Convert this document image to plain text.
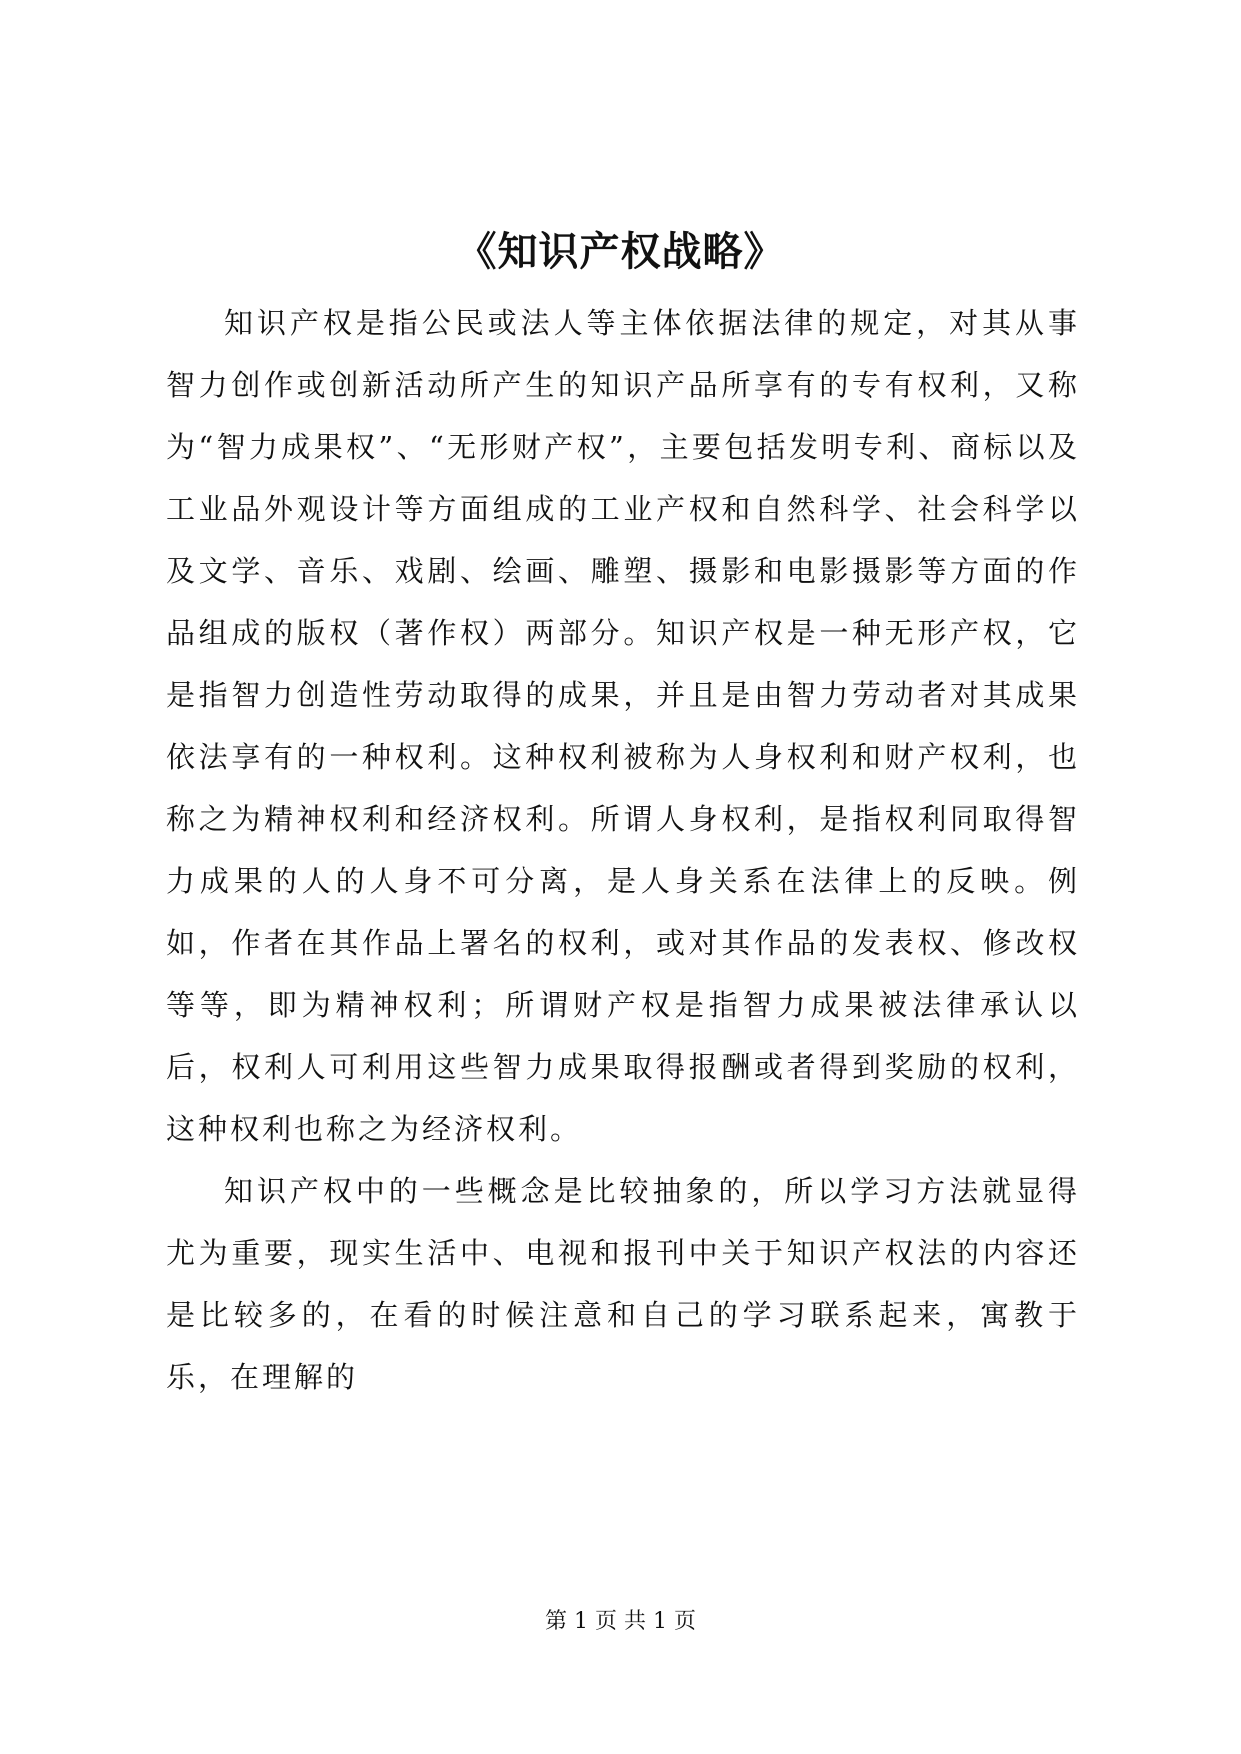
《知识产权战略》

知识产权是指公民或法人等主体依据法律的规定，对其从事智力创作或创新活动所产生的知识产品所享有的专有权利，又称为“智力成果权”、“无形财产权”，主要包括发明专利、商标以及工业品外观设计等方面组成的工业产权和自然科学、社会科学以及文学、音乐、戏剧、绘画、雕塑、摄影和电影摄影等方面的作品组成的版权（著作权）两部分。知识产权是一种无形产权，它是指智力创造性劳动取得的成果，并且是由智力劳动者对其成果依法享有的一种权利。这种权利被称为人身权利和财产权利，也称之为精神权利和经济权利。所谓人身权利，是指权利同取得智力成果的人的人身不可分离，是人身关系在法律上的反映。例如，作者在其作品上署名的权利，或对其作品的发表权、修改权等等，即为精神权利；所谓财产权是指智力成果被法律承认以后，权利人可利用这些智力成果取得报酬或者得到奖励的权利，这种权利也称之为经济权利。

知识产权中的一些概念是比较抽象的，所以学习方法就显得尤为重要，现实生活中、电视和报刊中关于知识产权法的内容还是比较多的，在看的时候注意和自己的学习联系起来，寓教于乐，在理解的

第 1 页 共 1 页
